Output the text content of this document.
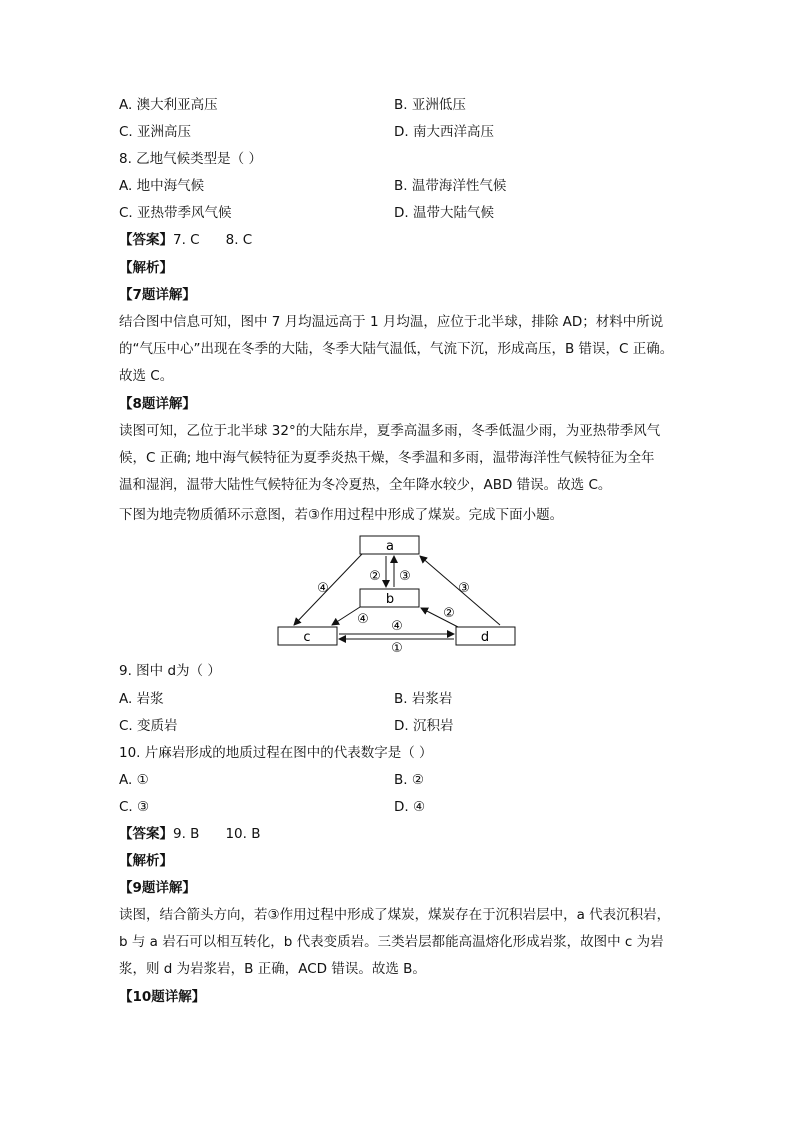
A. 澳大利亚高压	B. 亚洲低压
C. 亚洲高压	D. 南大西洋高压
8. 乙地气候类型是（ ）
A. 地中海气候	B. 温带海洋性气候
C. 亚热带季风气候	D. 温带大陆气候
【答案】7. C 8. C
【解析】
【7题详解】
结合图中信息可知，图中 7 月均温远高于 1 月均温，应位于北半球，排除 AD；材料中所说
的“气压中心”出现在冬季的大陆，冬季大陆气温低，气流下沉，形成高压，B 错误，C 正确。
故选 C。
【8题详解】
读图可知，乙位于北半球 32°的大陆东岸，夏季高温多雨，冬季低温少雨，为亚热带季风气
候，C 正确; 地中海气候特征为夏季炎热干燥，冬季温和多雨，温带海洋性气候特征为全年
温和湿润，温带大陆性气候特征为冬冷夏热，全年降水较少，ABD 错误。故选 C。
下图为地壳物质循环示意图，若③作用过程中形成了煤炭。完成下面小题。
a
b
c	d
④
② ③
③
④	②
④
①
9. 图中 d为（ ）
A. 岩浆	B. 岩浆岩
C. 变质岩	D. 沉积岩
10. 片麻岩形成的地质过程在图中的代表数字是（ ）
A. ①	B. ②
C. ③	D. ④
【答案】9. B 10. B
【解析】
【9题详解】
读图，结合箭头方向，若③作用过程中形成了煤炭，煤炭存在于沉积岩层中，a 代表沉积岩，
b 与 a 岩石可以相互转化，b 代表变质岩。三类岩层都能高温熔化形成岩浆，故图中 c 为岩
浆，则 d 为岩浆岩，B 正确，ACD 错误。故选 B。
【10题详解】
